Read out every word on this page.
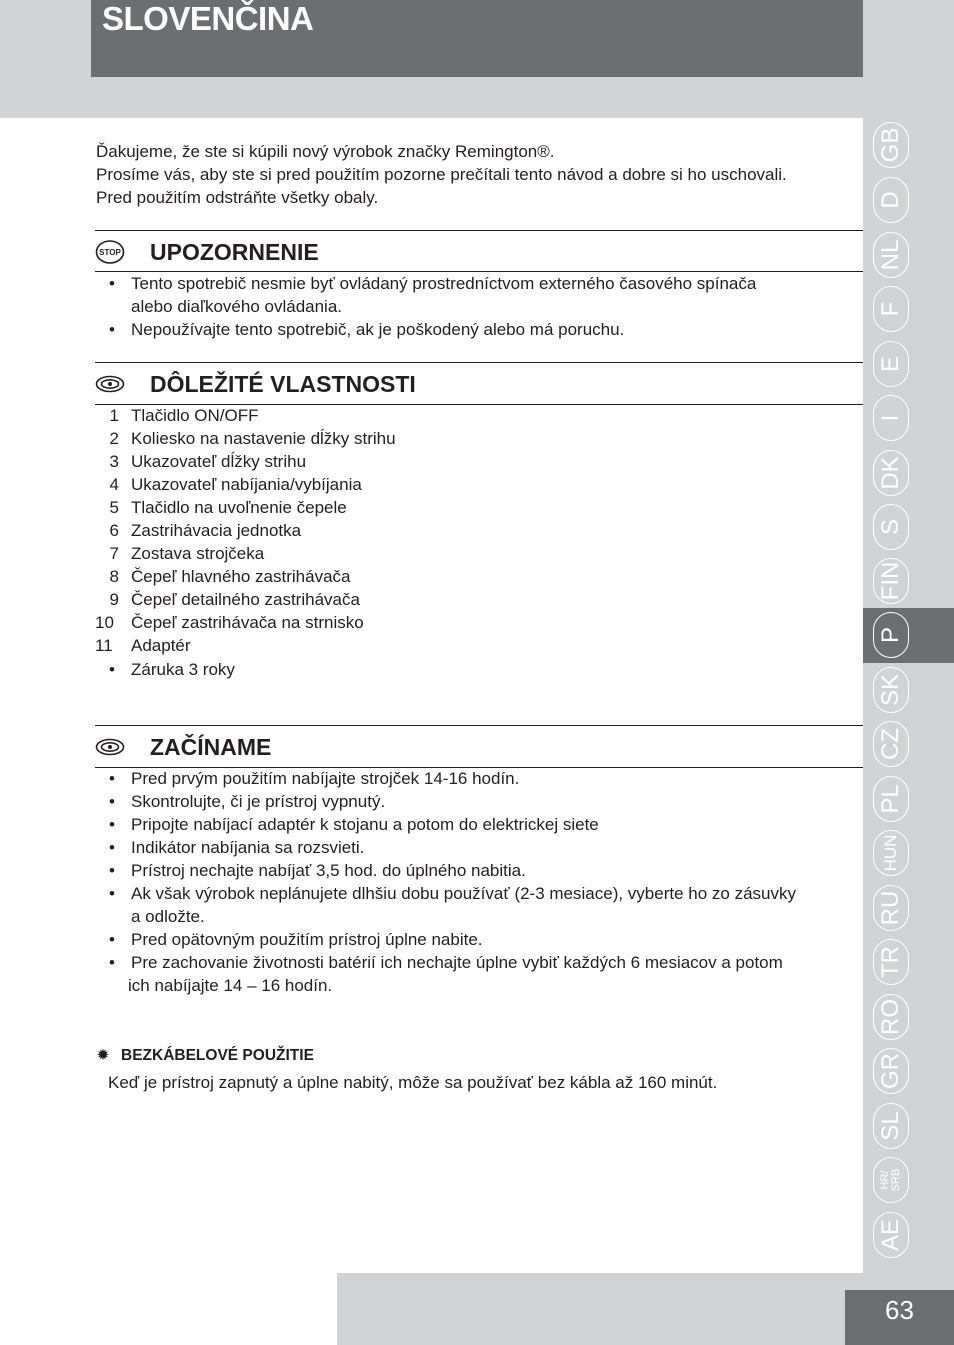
SLOVENČINA
Ďakujeme, že ste si kúpili nový výrobok značky Remington®.
Prosíme vás, aby ste si pred použitím pozorne prečítali tento návod a dobre si ho uschovali.
Pred použitím odstráňte všetky obaly.
STOP UPOZORNENIE
• Tento spotrebič nesmie byť ovládaný prostredníctvom externého časového spínača
alebo diaľkového ovládania.
• Nepoužívajte tento spotrebič, ak je poškodený alebo má poruchu.
DÔLEŽITÉ VLASTNOSTI
1 Tlačidlo ON/OFF
2 Koliesko na nastavenie dĺžky strihu
3 Ukazovateľ dĺžky strihu
4 Ukazovateľ nabíjania/vybíjania
5 Tlačidlo na uvoľnenie čepele
6 Zastrihávacia jednotka
7 Zostava strojčeka
8 Čepeľ hlavného zastrihávača
9 Čepeľ detailného zastrihávača
10 Čepeľ zastrihávača na strnisko
11	Adaptér
• Záruka 3 roky
ZAČÍNAME
• Pred prvým použitím nabíjajte strojček 14-16 hodín.
• Skontrolujte, či je prístroj vypnutý.
• Pripojte nabíjací adaptér k stojanu a potom do elektrickej siete
• Indikátor nabíjania sa rozsvieti.
• Prístroj nechajte nabíjať 3,5 hod. do úplného nabitia.
• Ak však výrobok neplánujete dlhšiu dobu používať (2-3 mesiace), vyberte ho zo zásuvky
a odložte.
• Pred opätovným použitím prístroj úplne nabite.
• Pre zachovanie životnosti batérií ich nechajte úplne vybiť každých 6 mesiacov a potom
ich nabíjajte 14 – 16 hodín.
✹ BEZKÁBELOVÉ POUŽITIE
Keď je prístroj zapnutý a úplne nabitý, môže sa používať bez kábla až 160 minút.
GB
D
NL
F
E
I
DK
S
FIN
P
SK
CZ
PL
HUN
RU
TR
RO
GR
SL
HR/ SRB
AE
63
